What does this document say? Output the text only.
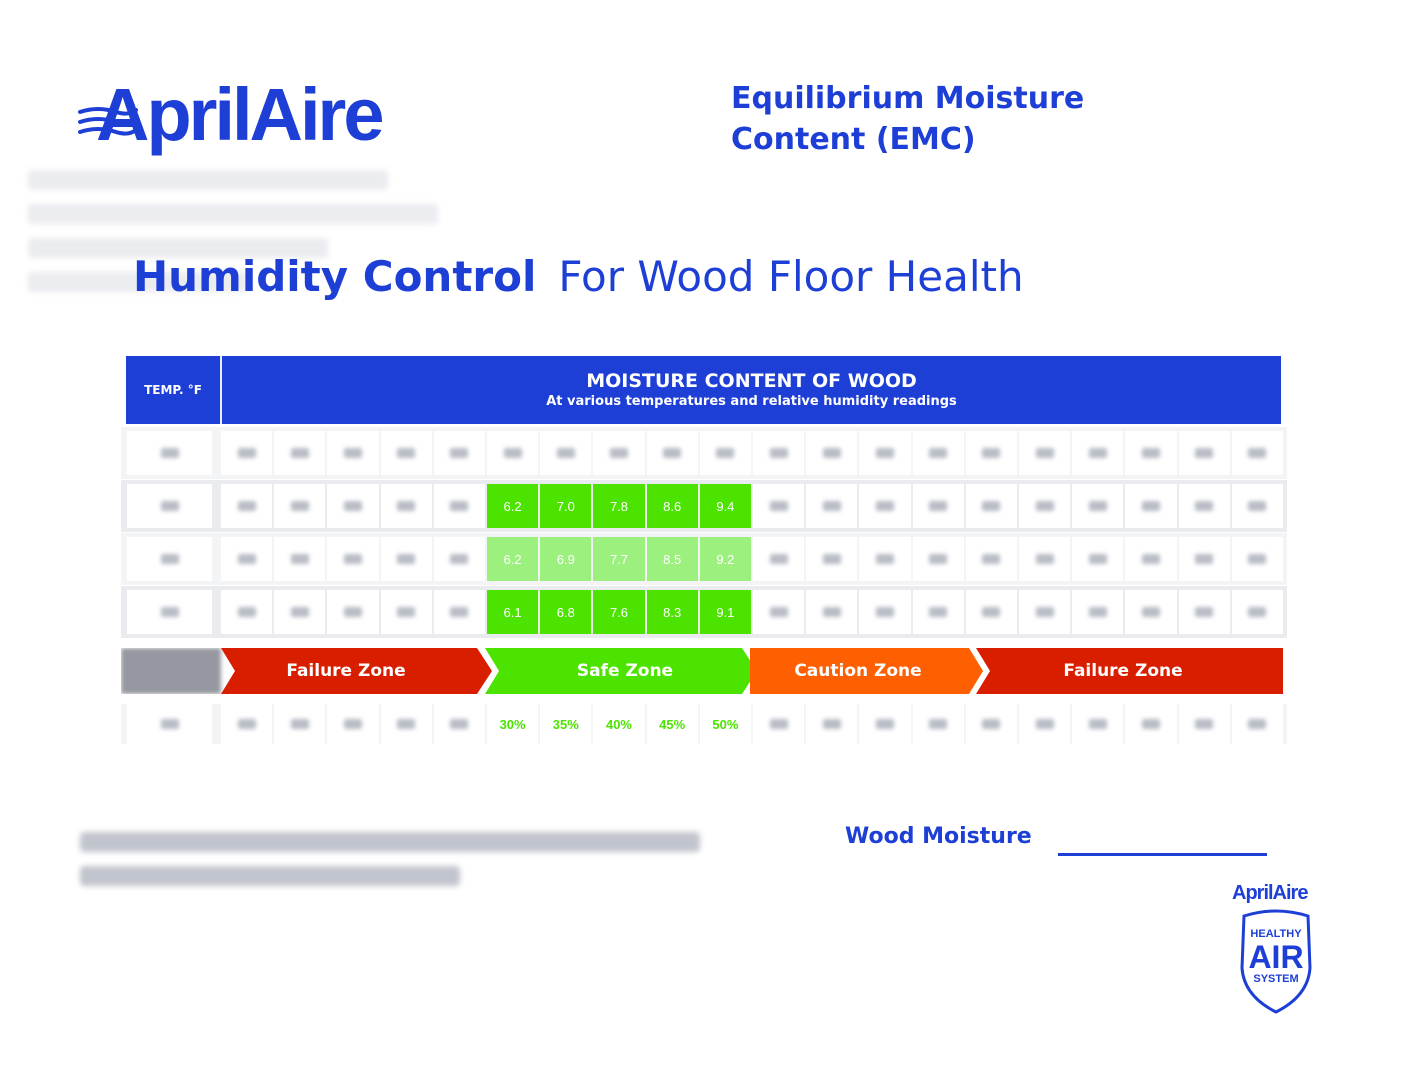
AprilAire	Equilibrium Moisture Content (EMC)
Humidity Control For Wood Floor Health
TEMP. °F	MOISTURE CONTENT OF WOOD
At various temperatures and relative humidity readings
6.2	7.0	7.8	8.6	9.4
6.2	6.9	7.7	8.5	9.2
6.1	6.8	7.6	8.3	9.1
Failure Zone	Safe Zone	Caution Zone	Failure Zone
30%	35%	40%	45%	50%
Wood Moisture
AprilAire
HEALTHY
AIR
SYSTEM
